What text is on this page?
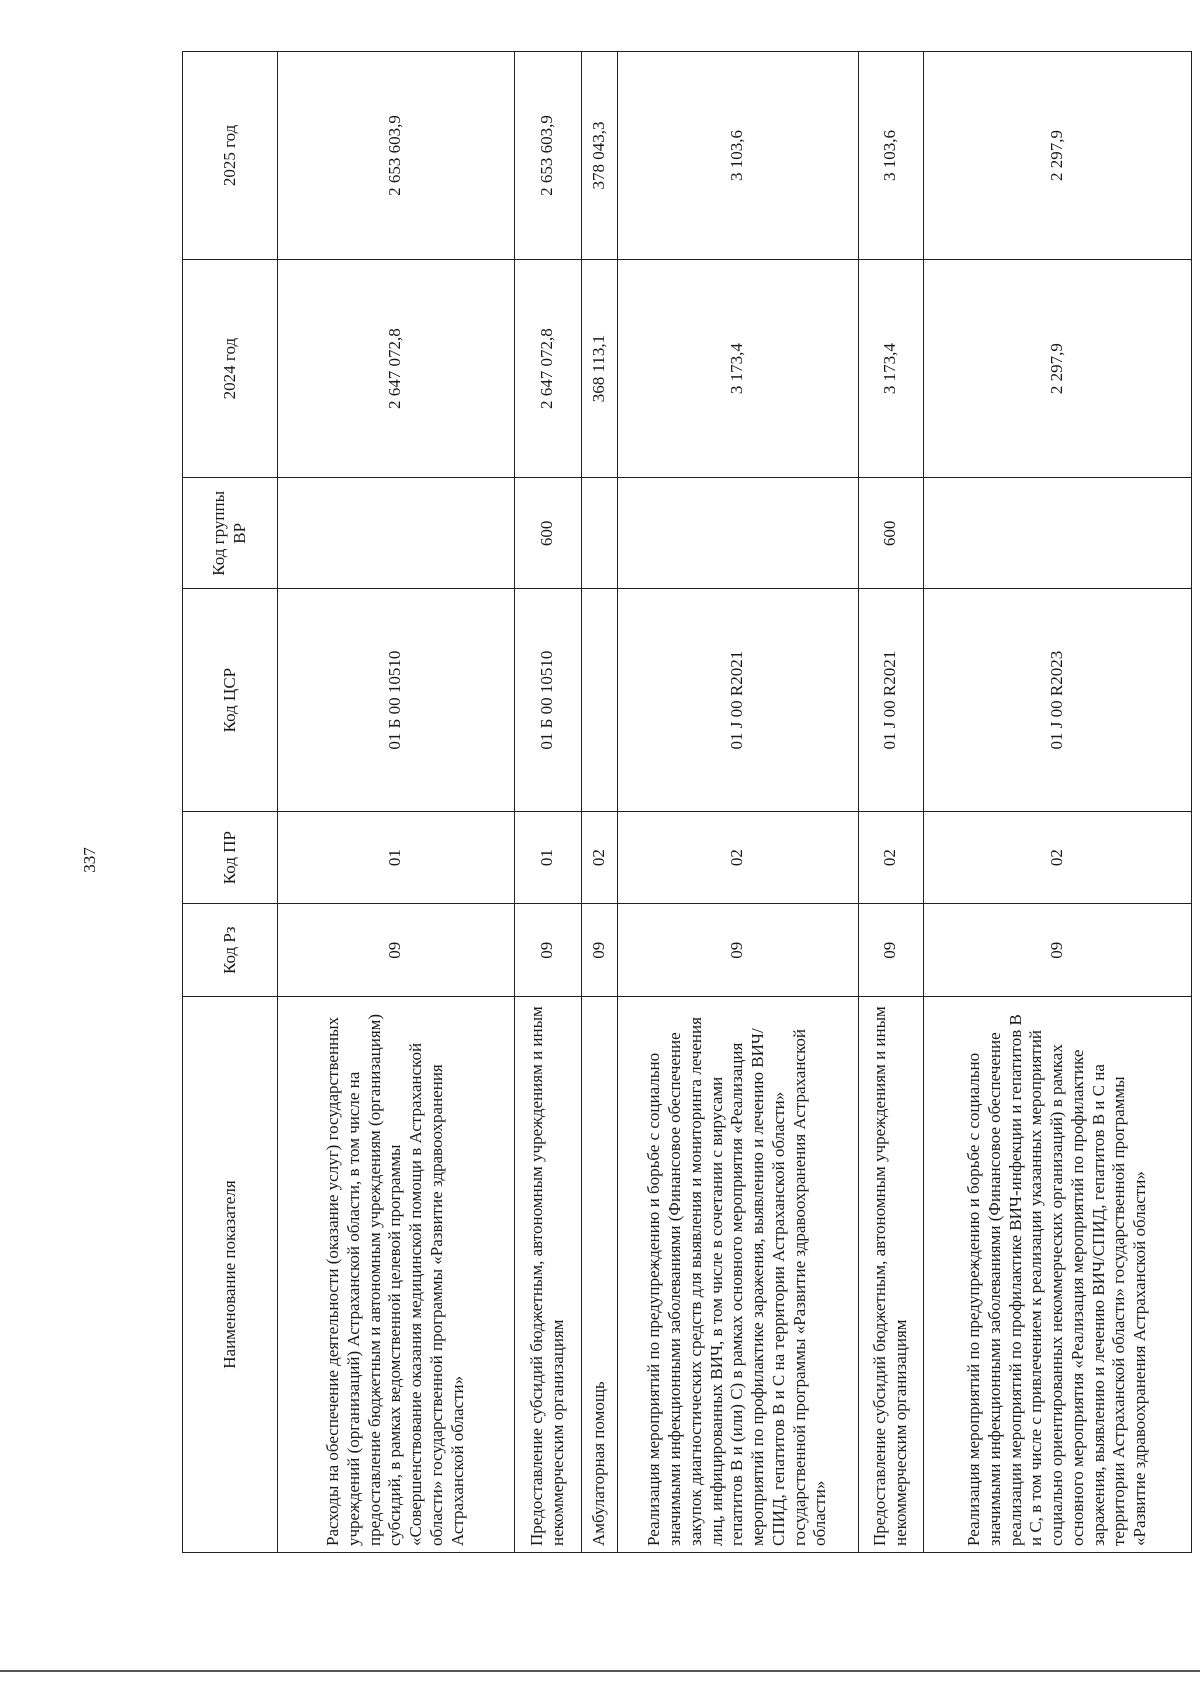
337
Наименование показателя	Код Рз	Код ПР	Код ЦСР	Код группы ВР	2024 год	2025 год
Расходы на обеспечение деятельности (оказание услуг) государственных учреждений (организаций) Астраханской области, в том числе на предоставление бюджетным и автономным учреждениям (организациям) субсидий, в рамках ведомственной целевой программы «Совершенствование оказания медицинской помощи в Астраханской области» государственной программы «Развитие здравоохранения Астраханской области»	09	01	01 Б 00 10510		2 647 072,8	2 653 603,9
Предоставление субсидий бюджетным, автономным учреждениям и иным некоммерческим организациям	09	01	01 Б 00 10510	600	2 647 072,8	2 653 603,9
Амбулаторная помощь	09	02			368 113,1	378 043,3
Реализация мероприятий по предупреждению и борьбе с социально значимыми инфекционными заболеваниями (Финансовое обеспечение закупок диагностических средств для выявления и мониторинга лечения лиц, инфицированных ВИЧ, в том числе в сочетании с вирусами гепатитов В и (или) С) в рамках основного мероприятия «Реализация мероприятий по профилактике заражения, выявлению и лечению ВИЧ/СПИД, гепатитов В и С на территории Астраханской области» государственной программы «Развитие здравоохранения Астраханской области»	09	02	01 J 00 R2021		3 173,4	3 103,6
Предоставление субсидий бюджетным, автономным учреждениям и иным некоммерческим организациям	09	02	01 J 00 R2021	600	3 173,4	3 103,6
Реализация мероприятий по предупреждению и борьбе с социально значимыми инфекционными заболеваниями (Финансовое обеспечение реализации мероприятий по профилактике ВИЧ-инфекции и гепатитов В и С, в том числе с привлечением к реализации указанных мероприятий социально ориентированных некоммерческих организаций) в рамках основного мероприятия «Реализация мероприятий по профилактике заражения, выявлению и лечению ВИЧ/СПИД, гепатитов В и С на территории Астраханской области» государственной программы «Развитие здравоохранения Астраханской области»	09	02	01 J 00 R2023		2 297,9	2 297,9
